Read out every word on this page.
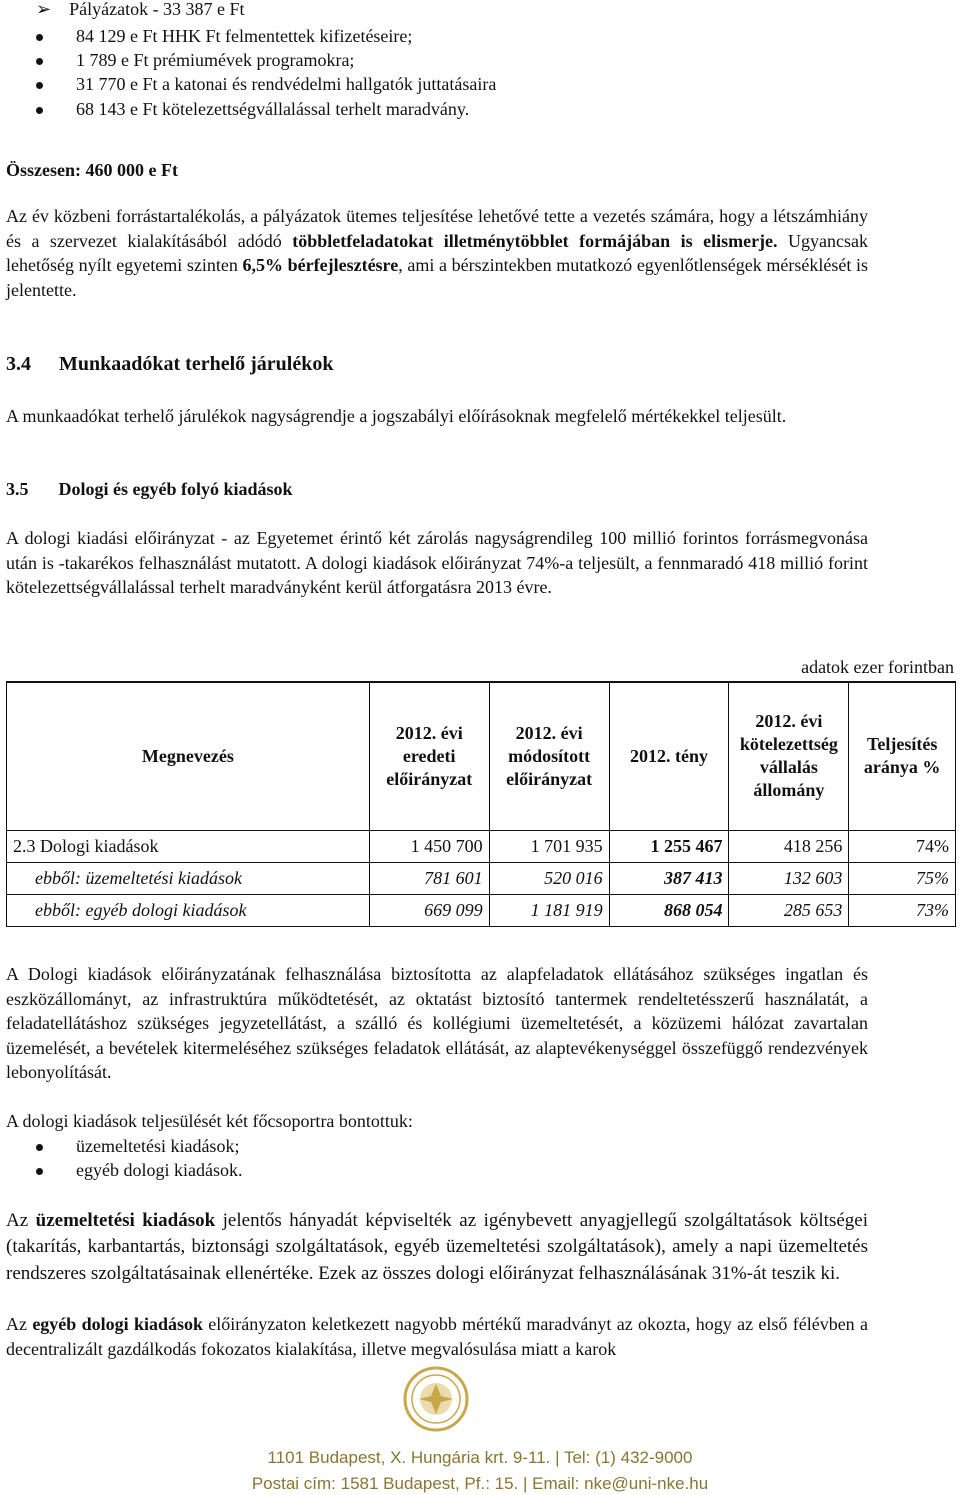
➢ Pályázatok - 33 387 e Ft
84 129 e Ft HHK Ft felmentettek kifizetéseire;
1 789 e Ft prémiumévek programokra;
31 770 e Ft a katonai és rendvédelmi hallgatók juttatásaira
68 143 e Ft kötelezettségvállalással terhelt maradvány.
Összesen: 460 000 e Ft

Az év közbeni forrástartalékolás, a pályázatok ütemes teljesítése lehetővé tette a vezetés számára, hogy a létszámhiány és a szervezet kialakításából adódó többletfeladatokat illetménytöbblet formájában is elismerje. Ugyancsak lehetőség nyílt egyetemi szinten 6,5% bérfejlesztésre, ami a bérszintekben mutatkozó egyenlőtlenségek mérséklését is jelentette.

3.4 Munkaadókat terhelő járulékok

A munkaadókat terhelő járulékok nagyságrendje a jogszabályi előírásoknak megfelelő mértékekkel teljesült.

3.5 Dologi és egyéb folyó kiadások

A dologi kiadási előirányzat - az Egyetemet érintő két zárolás nagyságrendileg 100 millió forintos forrásmegvonása után is -takarékos felhasználást mutatott. A dologi kiadások előirányzat 74%-a teljesült, a fennmaradó 418 millió forint kötelezettségvállalással terhelt maradványként kerül átforgatásra 2013 évre.

adatok ezer forintban
Megnevezés	2012. évi eredeti előirányzat	2012. évi módosított előirányzat	2012. tény	2012. évi kötelezettség vállalás állomány	Teljesítés aránya %
2.3 Dologi kiadások	1 450 700	1 701 935	1 255 467	418 256	74%
ebből: üzemeltetési kiadások	781 601	520 016	387 413	132 603	75%
ebből: egyéb dologi kiadások	669 099	1 181 919	868 054	285 653	73%

A Dologi kiadások előirányzatának felhasználása biztosította az alapfeladatok ellátásához szükséges ingatlan és eszközállományt, az infrastruktúra működtetését, az oktatást biztosító tantermek rendeltetésszerű használatát, a feladatellátáshoz szükséges jegyzetellátást, a szálló és kollégiumi üzemeltetését, a közüzemi hálózat zavartalan üzemelését, a bevételek kitermeléséhez szükséges feladatok ellátását, az alaptevékenységgel összefüggő rendezvények lebonyolítását.

A dologi kiadások teljesülését két főcsoportra bontottuk:
üzemeltetési kiadások;
egyéb dologi kiadások.

Az üzemeltetési kiadások jelentős hányadát képviselték az igénybevett anyagjellegű szolgáltatások költségei (takarítás, karbantartás, biztonsági szolgáltatások, egyéb üzemeltetési szolgáltatások), amely a napi üzemeltetés rendszeres szolgáltatásainak ellenértéke. Ezek az összes dologi előirányzat felhasználásának 31%-át teszik ki.

Az egyéb dologi kiadások előirányzaton keletkezett nagyobb mértékű maradványt az okozta, hogy az első félévben a decentralizált gazdálkodás fokozatos kialakítása, illetve megvalósulása miatt a karok

1101 Budapest, X. Hungária krt. 9-11. | Tel: (1) 432-9000
Postai cím: 1581 Budapest, Pf.: 15. | Email: nke@uni-nke.hu
